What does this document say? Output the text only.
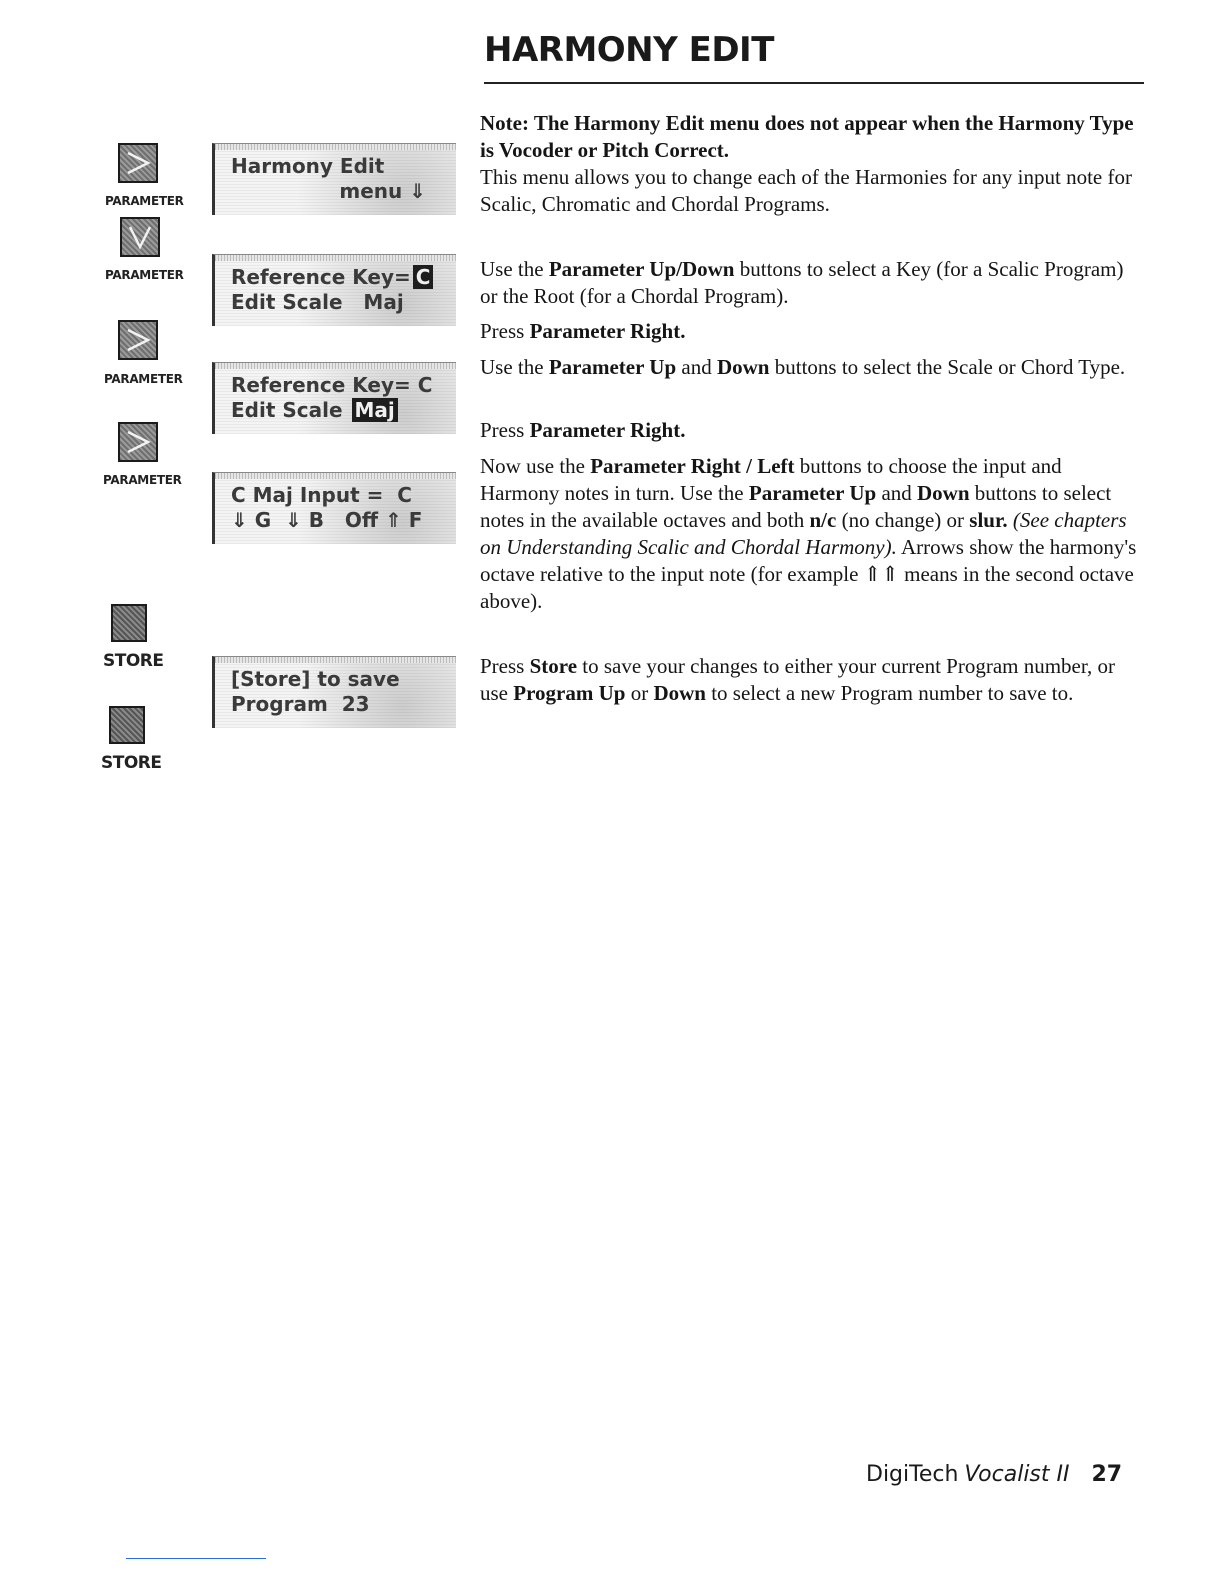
HARMONY EDIT
PARAMETER
PARAMETER
PARAMETER
PARAMETER
STORE
STORE
Harmony Edit
menu ⇓
Reference Key= C
Edit Scale   Maj
Reference Key= C
Edit Scale Maj
C Maj Input =  C
⇓ G  ⇓ B   Off ⇑ F
[Store] to save
Program  23

Note: The Harmony Edit menu does not appear when the Harmony Type is Vocoder or Pitch Correct.
This menu allows you to change each of the Harmonies for any input note for Scalic, Chromatic and Chordal Programs.

Use the Parameter Up/Down buttons to select a Key (for a Scalic Program) or the Root (for a Chordal Program).

Press Parameter Right.

Use the Parameter Up and Down buttons to select the Scale or Chord Type.

Press Parameter Right.

Now use the Parameter Right / Left buttons to choose the input and Harmony notes in turn. Use the Parameter Up and Down buttons to select notes in the available octaves and both n/c (no change) or slur. (See chapters on Understanding Scalic and Chordal Harmony). Arrows show the harmony's octave relative to the input note (for example ⇑⇑ means in the second octave above).

Press Store to save your changes to either your current Program number, or use Program Up or Down to select a new Program number to save to.

DigiTech Vocalist II 27
